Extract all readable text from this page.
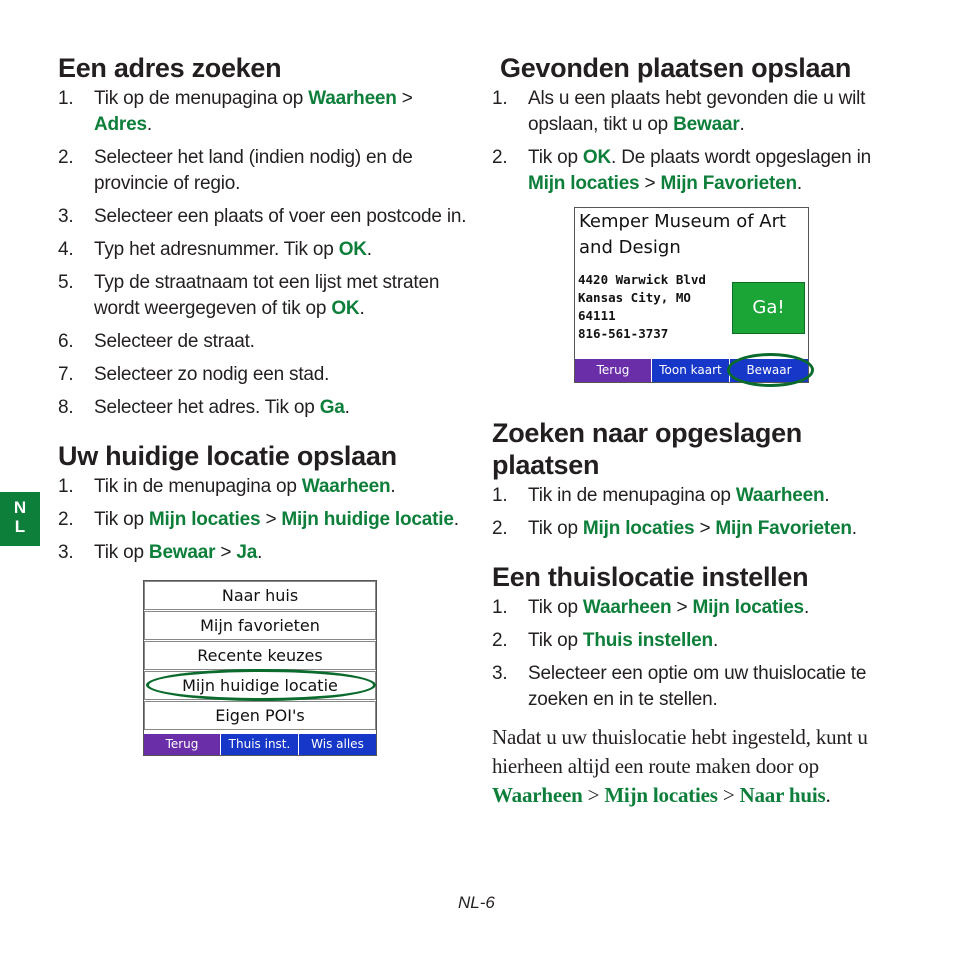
N
L
Een adres zoeken
1. Tik op de menupagina op Waarheen > Adres.
2. Selecteer het land (indien nodig) en de provincie of regio.
3. Selecteer een plaats of voer een postcode in.
4. Typ het adresnummer. Tik op OK.
5. Typ de straatnaam tot een lijst met straten wordt weergegeven of tik op OK.
6. Selecteer de straat.
7. Selecteer zo nodig een stad.
8. Selecteer het adres. Tik op Ga.
Uw huidige locatie opslaan
1. Tik in de menupagina op Waarheen.
2. Tik op Mijn locaties > Mijn huidige locatie.
3. Tik op Bewaar > Ja.
Naar huis
Mijn favorieten
Recente keuzes
Mijn huidige locatie
Eigen POI's
Terug	Thuis inst.	Wis alles
Gevonden plaatsen opslaan
1. Als u een plaats hebt gevonden die u wilt opslaan, tikt u op Bewaar.
2. Tik op OK. De plaats wordt opgeslagen in Mijn locaties > Mijn Favorieten.
Kemper Museum of Art and Design
4420 Warwick Blvd
Kansas City, MO
64111
816-561-3737
Ga!
Terug	Toon kaart	Bewaar
Zoeken naar opgeslagen plaatsen
1. Tik in de menupagina op Waarheen.
2. Tik op Mijn locaties > Mijn Favorieten.
Een thuislocatie instellen
1. Tik op Waarheen > Mijn locaties.
2. Tik op Thuis instellen.
3. Selecteer een optie om uw thuislocatie te zoeken en in te stellen.
Nadat u uw thuislocatie hebt ingesteld, kunt u hierheen altijd een route maken door op Waarheen > Mijn locaties > Naar huis.
NL-6
